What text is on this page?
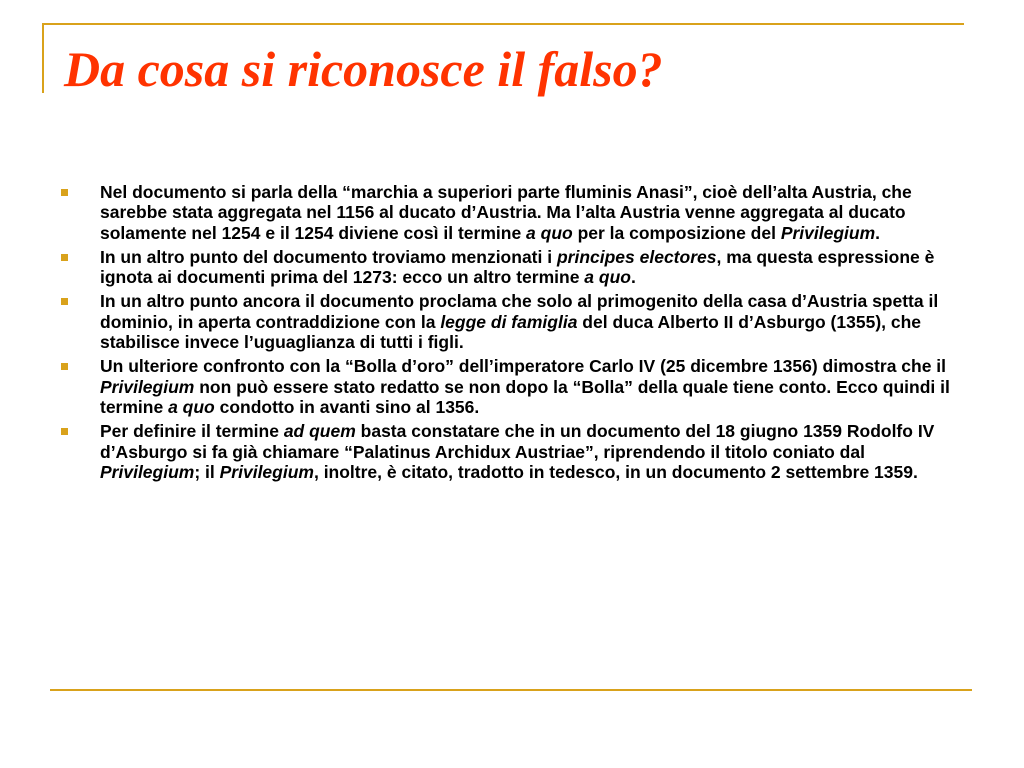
Da cosa si riconosce il falso?
Nel documento si parla della “marchia a superiori parte fluminis Anasi”, cioè dell’alta Austria, che sarebbe stata aggregata nel 1156 al ducato d’Austria. Ma l’alta Austria venne aggregata al ducato solamente nel 1254 e il 1254 diviene così il termine a quo per la composizione del Privilegium.
In un altro punto del documento troviamo menzionati i principes electores, ma questa espressione è ignota ai documenti prima del 1273: ecco un altro termine a quo.
In un altro punto ancora il documento proclama che solo al primogenito della casa d’Austria spetta il dominio, in aperta contraddizione con la legge di famiglia del duca Alberto II d’Asburgo (1355), che stabilisce invece l’uguaglianza di tutti i figli.
Un ulteriore confronto con la “Bolla d’oro” dell’imperatore Carlo IV (25 dicembre 1356) dimostra che il Privilegium non può essere stato redatto se non dopo la “Bolla” della quale tiene conto. Ecco quindi il termine a quo condotto in avanti sino al 1356.
Per definire il termine ad quem basta constatare che in un documento del 18 giugno 1359 Rodolfo IV d’Asburgo si fa già chiamare “Palatinus Archidux Austriae”, riprendendo il titolo coniato dal Privilegium; il Privilegium, inoltre, è citato, tradotto in tedesco, in un documento 2 settembre 1359.
